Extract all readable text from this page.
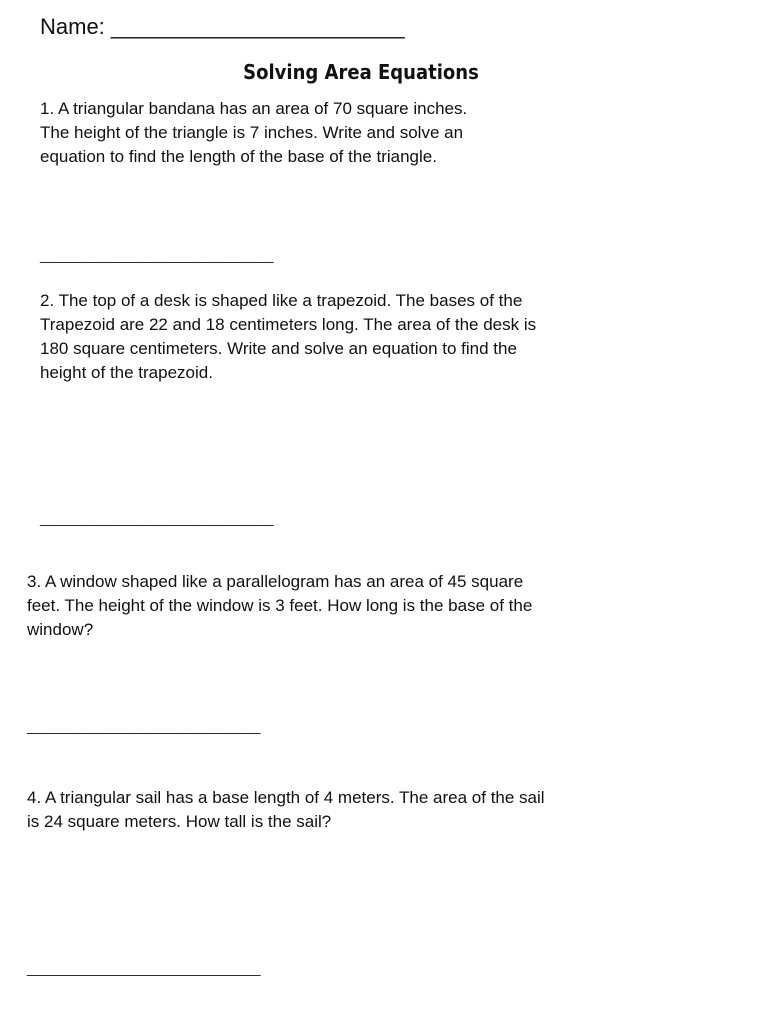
Name: ________________________
Solving Area Equations
1. A triangular bandana has an area of 70 square inches.
The height of the triangle is 7 inches. Write and solve an
equation to find the length of the base of the triangle.
______________________________
2. The top of a desk is shaped like a trapezoid. The bases of the
Trapezoid are 22 and 18 centimeters long. The area of the desk is
180 square centimeters. Write and solve an equation to find the
height of the trapezoid.
______________________________
3. A window shaped like a parallelogram has an area of 45 square
feet. The height of the window is 3 feet. How long is the base of the
window?
______________________________
4. A triangular sail has a base length of 4 meters. The area of the sail
is 24 square meters. How tall is the sail?
______________________________
